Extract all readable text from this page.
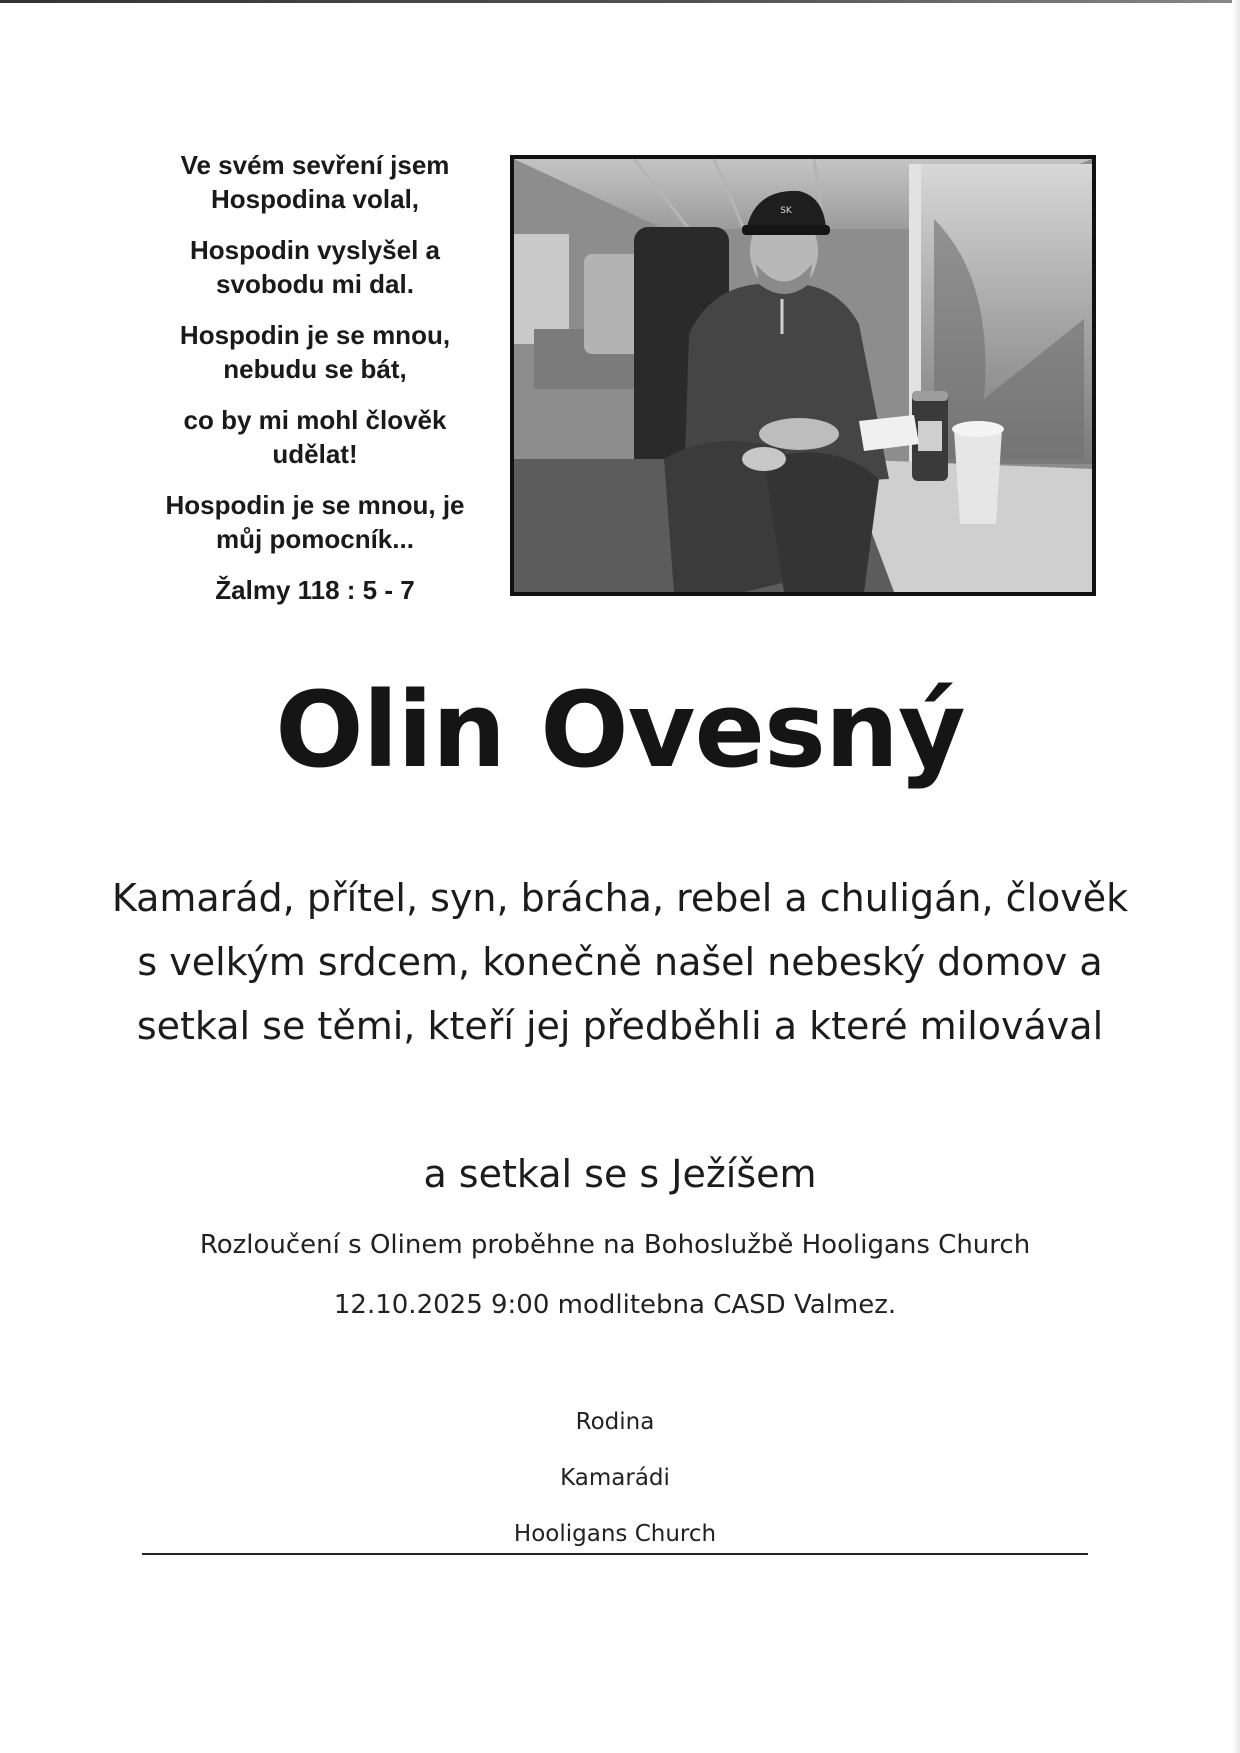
Ve svém sevření jsem Hospodina volal,

Hospodin vyslyšel a svobodu mi dal.

Hospodin je se mnou, nebudu se bát,

co by mi mohl člověk udělat!

Hospodin je se mnou, je můj pomocník...

Žalmy 118 : 5 - 7

SK
Olin Ovesný
Kamarád, přítel, syn, brácha, rebel a chuligán, člověk s velkým srdcem, konečně našel nebeský domov a setkal se těmi, kteří jej předběhli a které milovával
a setkal se s Ježíšem
Rozloučení s Olinem proběhne na Bohoslužbě Hooligans Church
12.10.2025 9:00 modlitebna CASD Valmez.
Rodina
Kamarádi
Hooligans Church
